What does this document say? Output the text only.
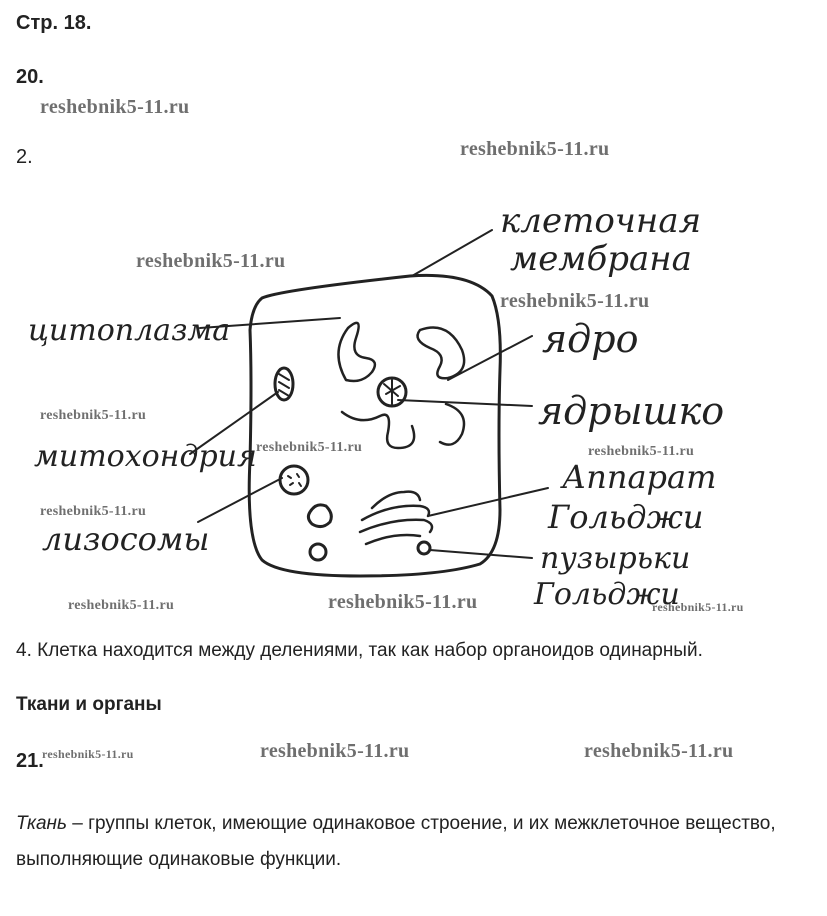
Стр. 18.
20.
2.
reshebnik5-11.ru
reshebnik5-11.ru
reshebnik5-11.ru
reshebnik5-11.ru
reshebnik5-11.ru
reshebnik5-11.ru	reshebnik5-11.ru
reshebnik5-11.ru
reshebnik5-11.ru	reshebnik5-11.ru	reshebnik5-11.ru
reshebnik5-11.ru	reshebnik5-11.ru	reshebnik5-11.ru
клеточная
мембрана
цитоплазма	ядро
ядрышко
митохондрия
лизосомы
Аппарат
Гольджи
пузырьки
Гольджи
4. Клетка находится между делениями, так как набор органоидов одинарный.
Ткани и органы
21.
Ткань – группы клеток, имеющие одинаковое строение, и их межклеточное вещество, выполняющие одинаковые функции.
